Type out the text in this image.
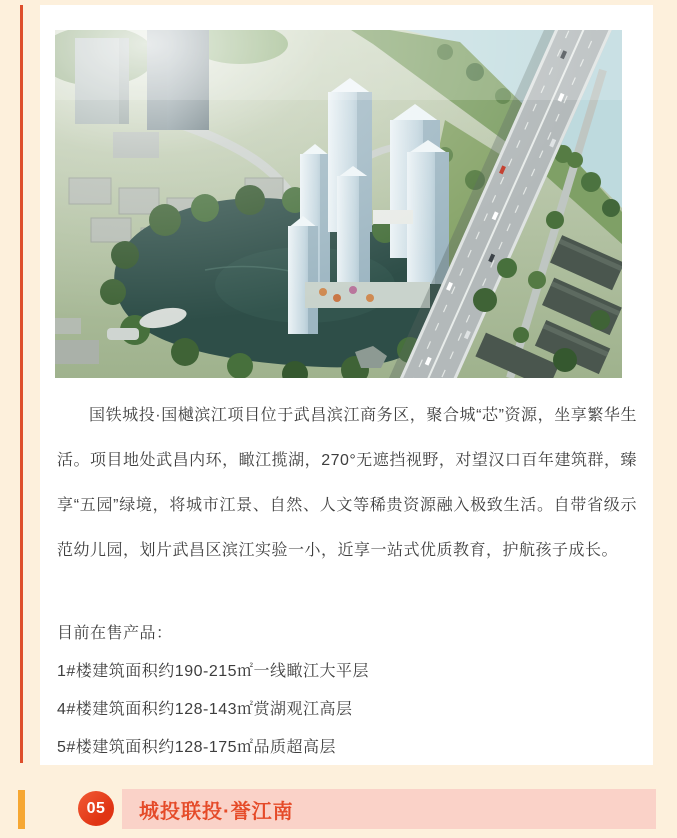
国铁城投·国樾滨江项目位于武昌滨江商务区，聚合城“芯”资源，坐享繁华生活。项目地处武昌内环，瞰江揽湖，270°无遮挡视野，对望汉口百年建筑群，臻享“五园”绿境，将城市江景、自然、人文等稀贵资源融入极致生活。自带省级示范幼儿园，划片武昌区滨江实验一小，近享一站式优质教育，护航孩子成长。

目前在售产品：
1#楼建筑面积约190-215㎡一线瞰江大平层
4#楼建筑面积约128-143㎡赏湖观江高层
5#楼建筑面积约128-175㎡品质超高层
05	城投联投·誉江南
